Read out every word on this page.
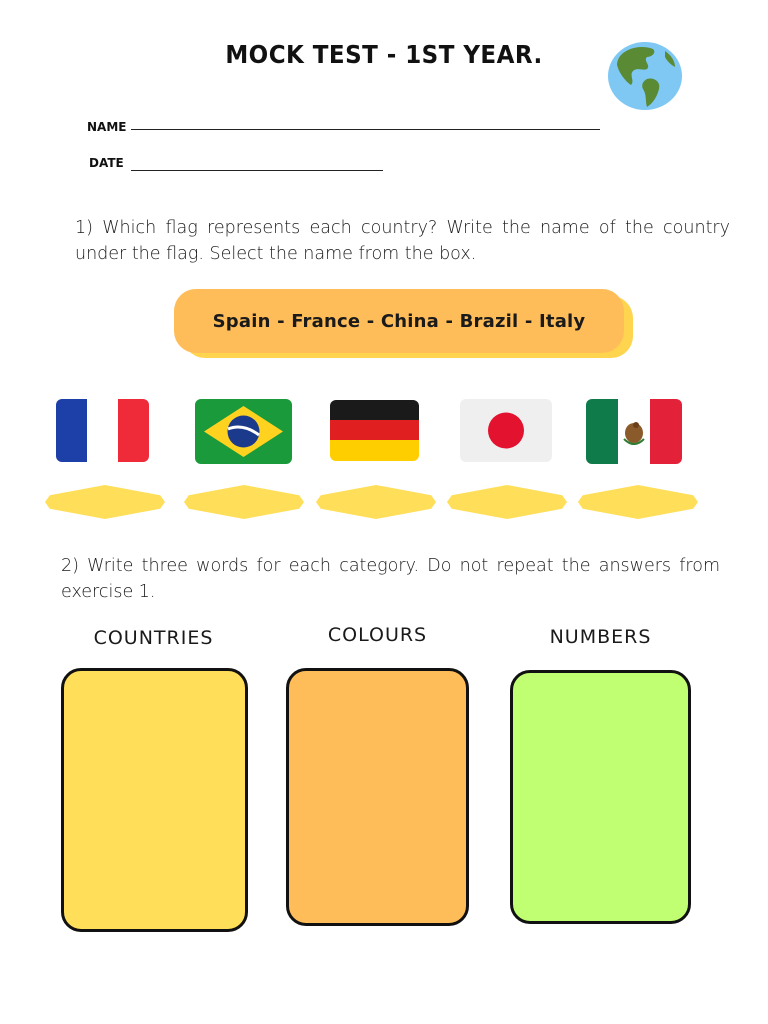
MOCK TEST - 1ST YEAR.
NAME
DATE
1) Which flag represents each country? Write the name of the country under the flag. Select the name from the box.
Spain - France - China - Brazil - Italy
2) Write three words for each category. Do not repeat the answers from exercise 1.
COUNTRIES	COLOURS	NUMBERS
